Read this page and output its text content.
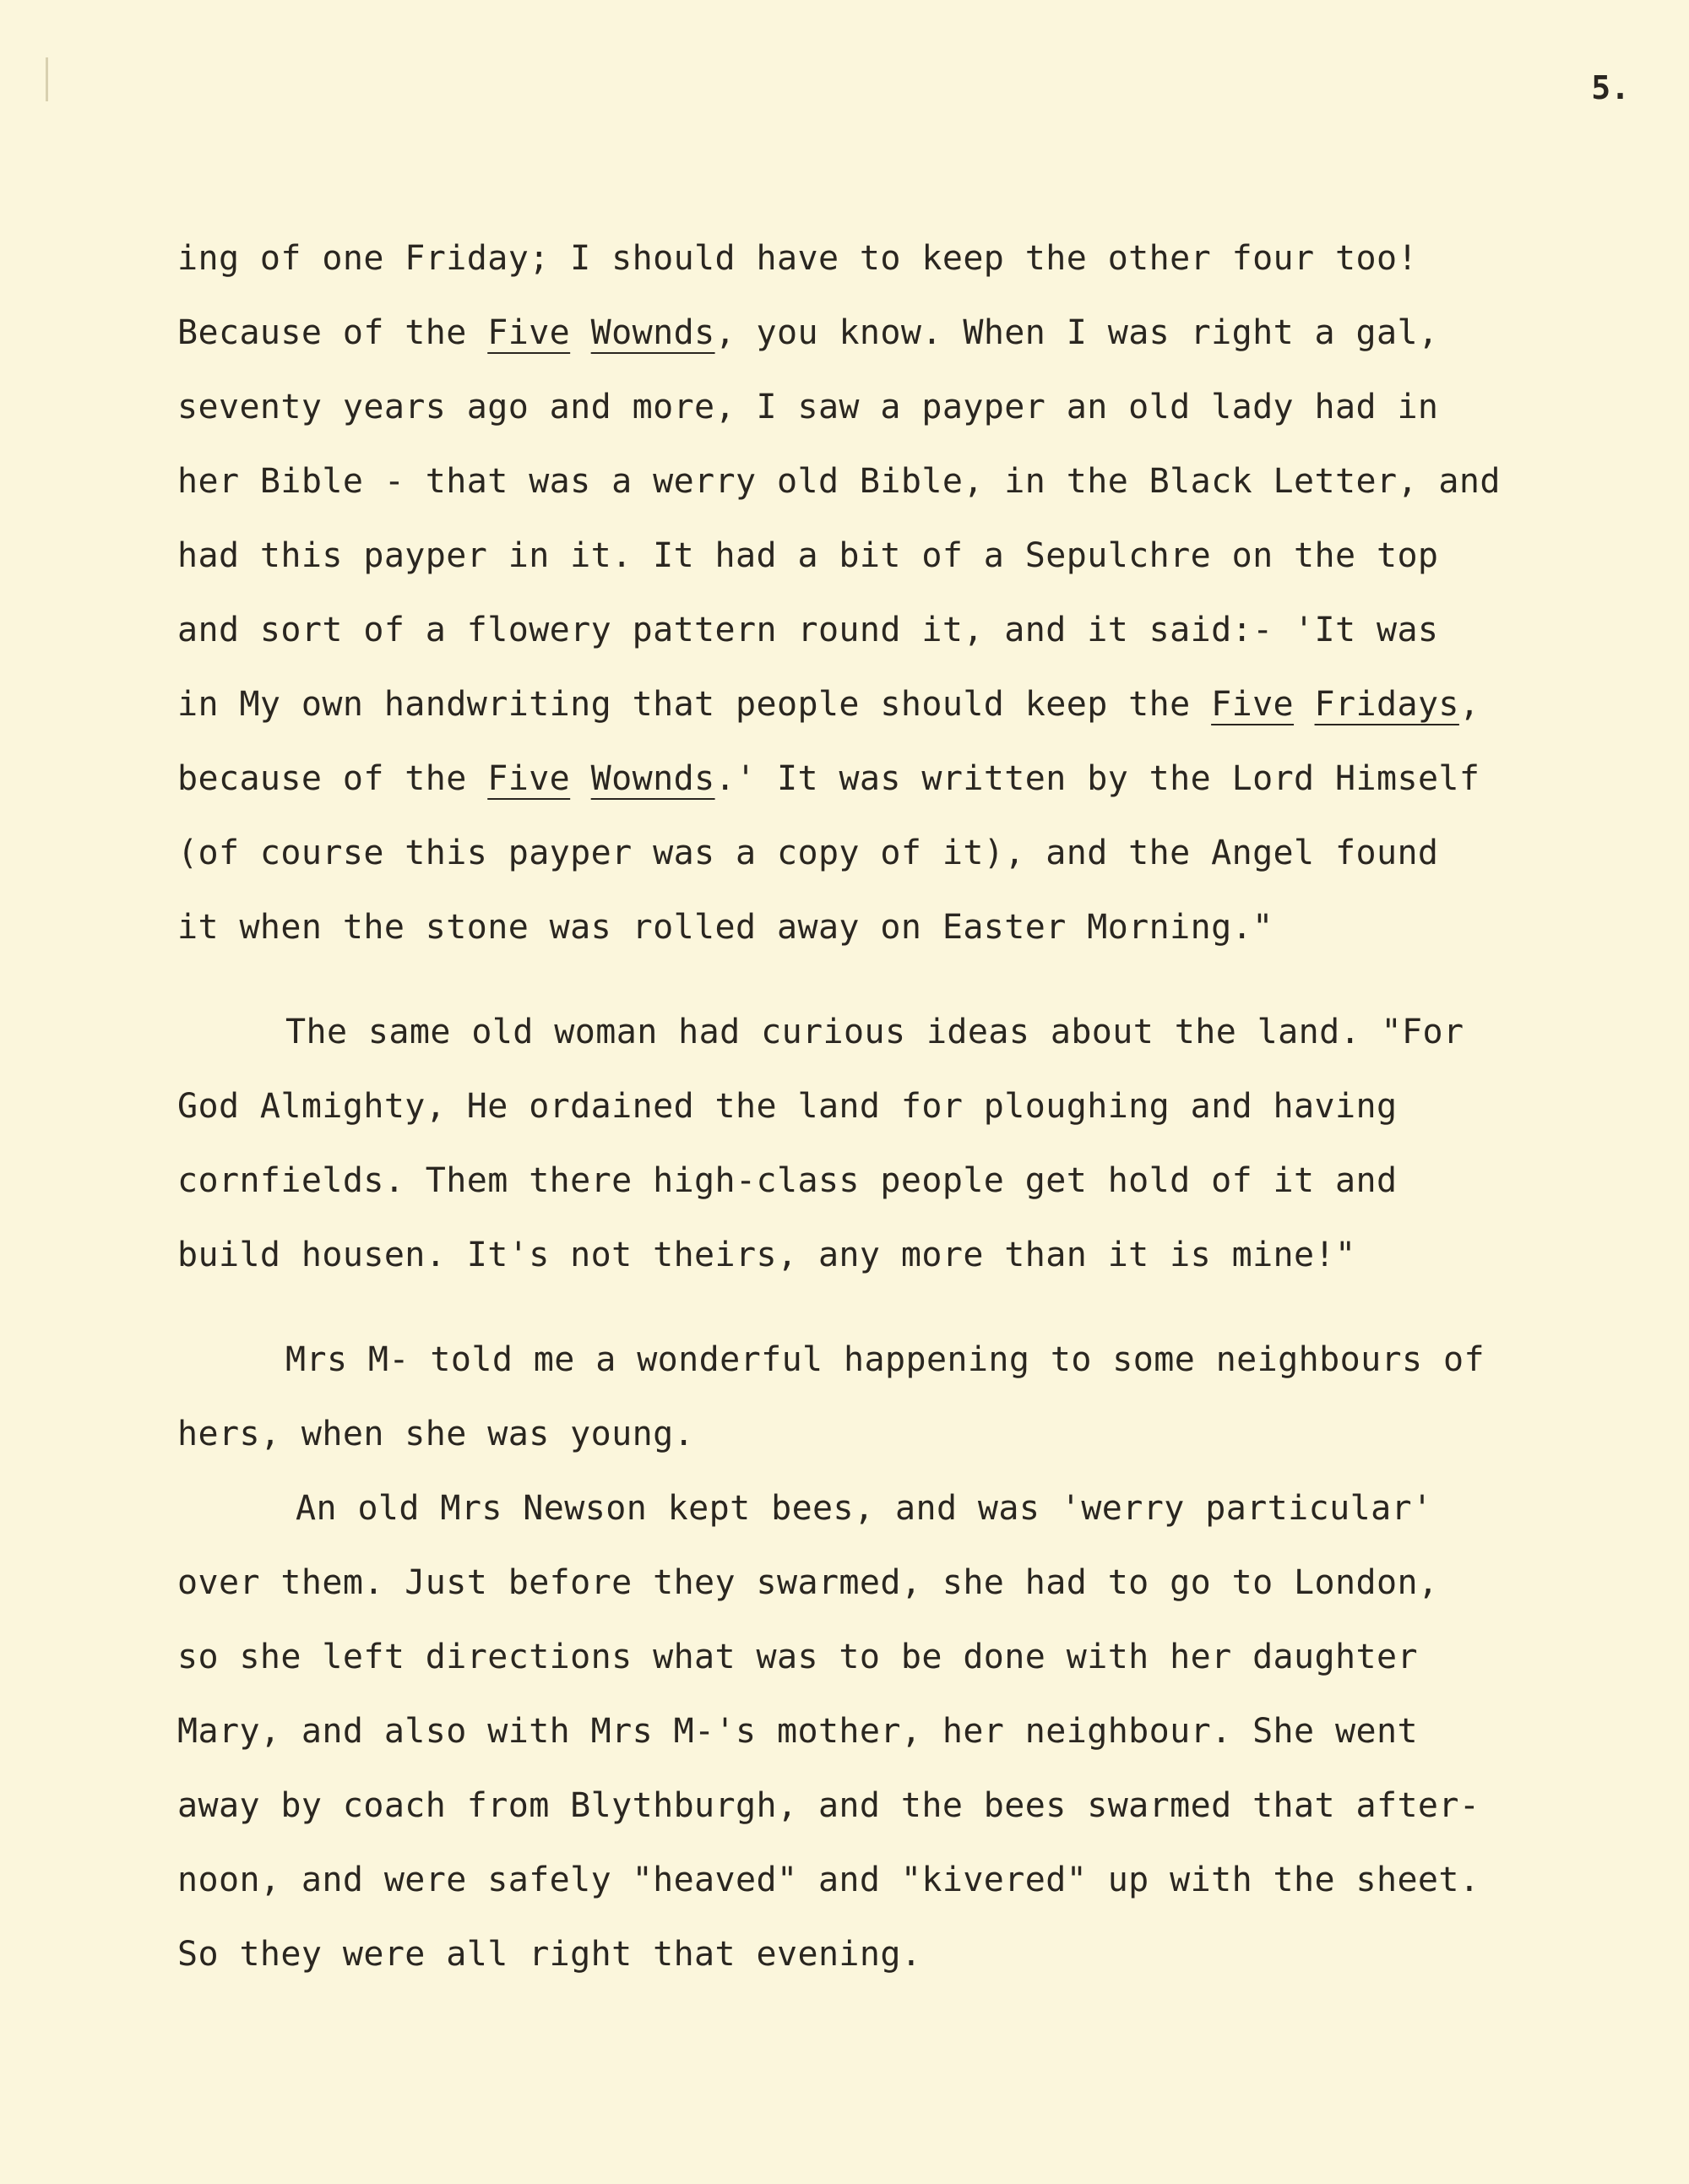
5.
ing of one Friday; I should have to keep the other four too!
Because of the Five Wownds, you know. When I was right a gal,
seventy years ago and more, I saw a payper an old lady had in
her Bible - that was a werry old Bible, in the Black Letter, and
had this payper in it. It had a bit of a Sepulchre on the top
and sort of a flowery pattern round it, and it said:- 'It was
in My own handwriting that people should keep the Five Fridays,
because of the Five Wownds.' It was written by the Lord Himself
(of course this payper was a copy of it), and the Angel found
it when the stone was rolled away on Easter Morning."
The same old woman had curious ideas about the land. "For
God Almighty, He ordained the land for ploughing and having
cornfields. Them there high-class people get hold of it and
build housen. It's not theirs, any more than it is mine!"
Mrs M- told me a wonderful happening to some neighbours of
hers, when she was young.
An old Mrs Newson kept bees, and was 'werry particular'
over them. Just before they swarmed, she had to go to London,
so she left directions what was to be done with her daughter
Mary, and also with Mrs M-'s mother, her neighbour. She went
away by coach from Blythburgh, and the bees swarmed that after-
noon, and were safely "heaved" and "kivered" up with the sheet.
So they were all right that evening.
